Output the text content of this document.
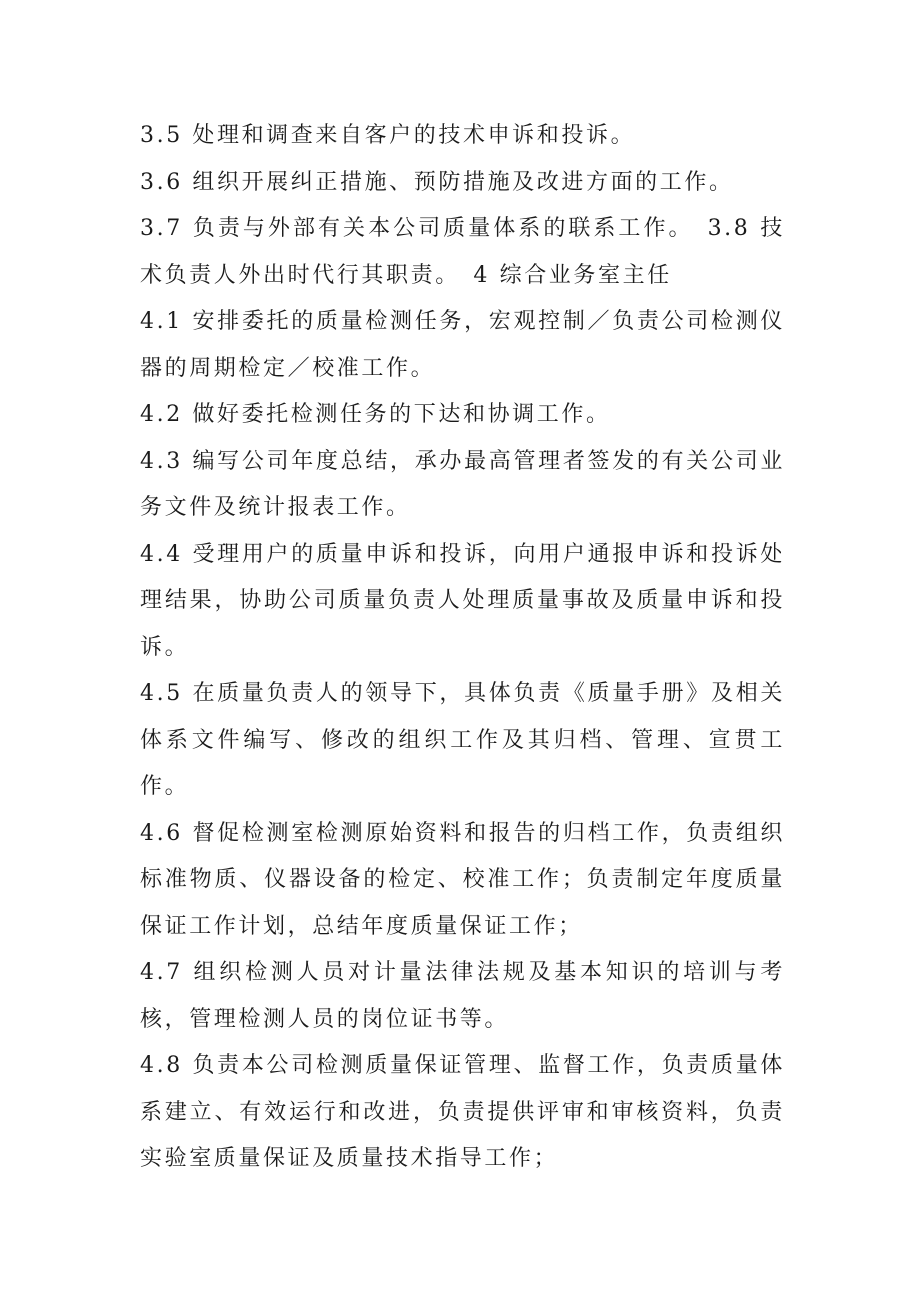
3.5 处理和调查来自客户的技术申诉和投诉。

3.6 组织开展纠正措施、预防措施及改进方面的工作。

3.7 负责与外部有关本公司质量体系的联系工作。　3.8 技术负责人外出时代行其职责。　4 综合业务室主任

4.1 安排委托的质量检测任务，宏观控制／负责公司检测仪器的周期检定／校准工作。

4.2 做好委托检测任务的下达和协调工作。

4.3 编写公司年度总结，承办最高管理者签发的有关公司业务文件及统计报表工作。

4.4 受理用户的质量申诉和投诉，向用户通报申诉和投诉处理结果，协助公司质量负责人处理质量事故及质量申诉和投诉。

4.5 在质量负责人的领导下，具体负责《质量手册》及相关体系文件编写、修改的组织工作及其归档、管理、宣贯工作。

4.6 督促检测室检测原始资料和报告的归档工作，负责组织标准物质、仪器设备的检定、校准工作；负责制定年度质量保证工作计划，总结年度质量保证工作；

4.7 组织检测人员对计量法律法规及基本知识的培训与考核，管理检测人员的岗位证书等。

4.8 负责本公司检测质量保证管理、监督工作，负责质量体系建立、有效运行和改进，负责提供评审和审核资料，负责实验室质量保证及质量技术指导工作；
